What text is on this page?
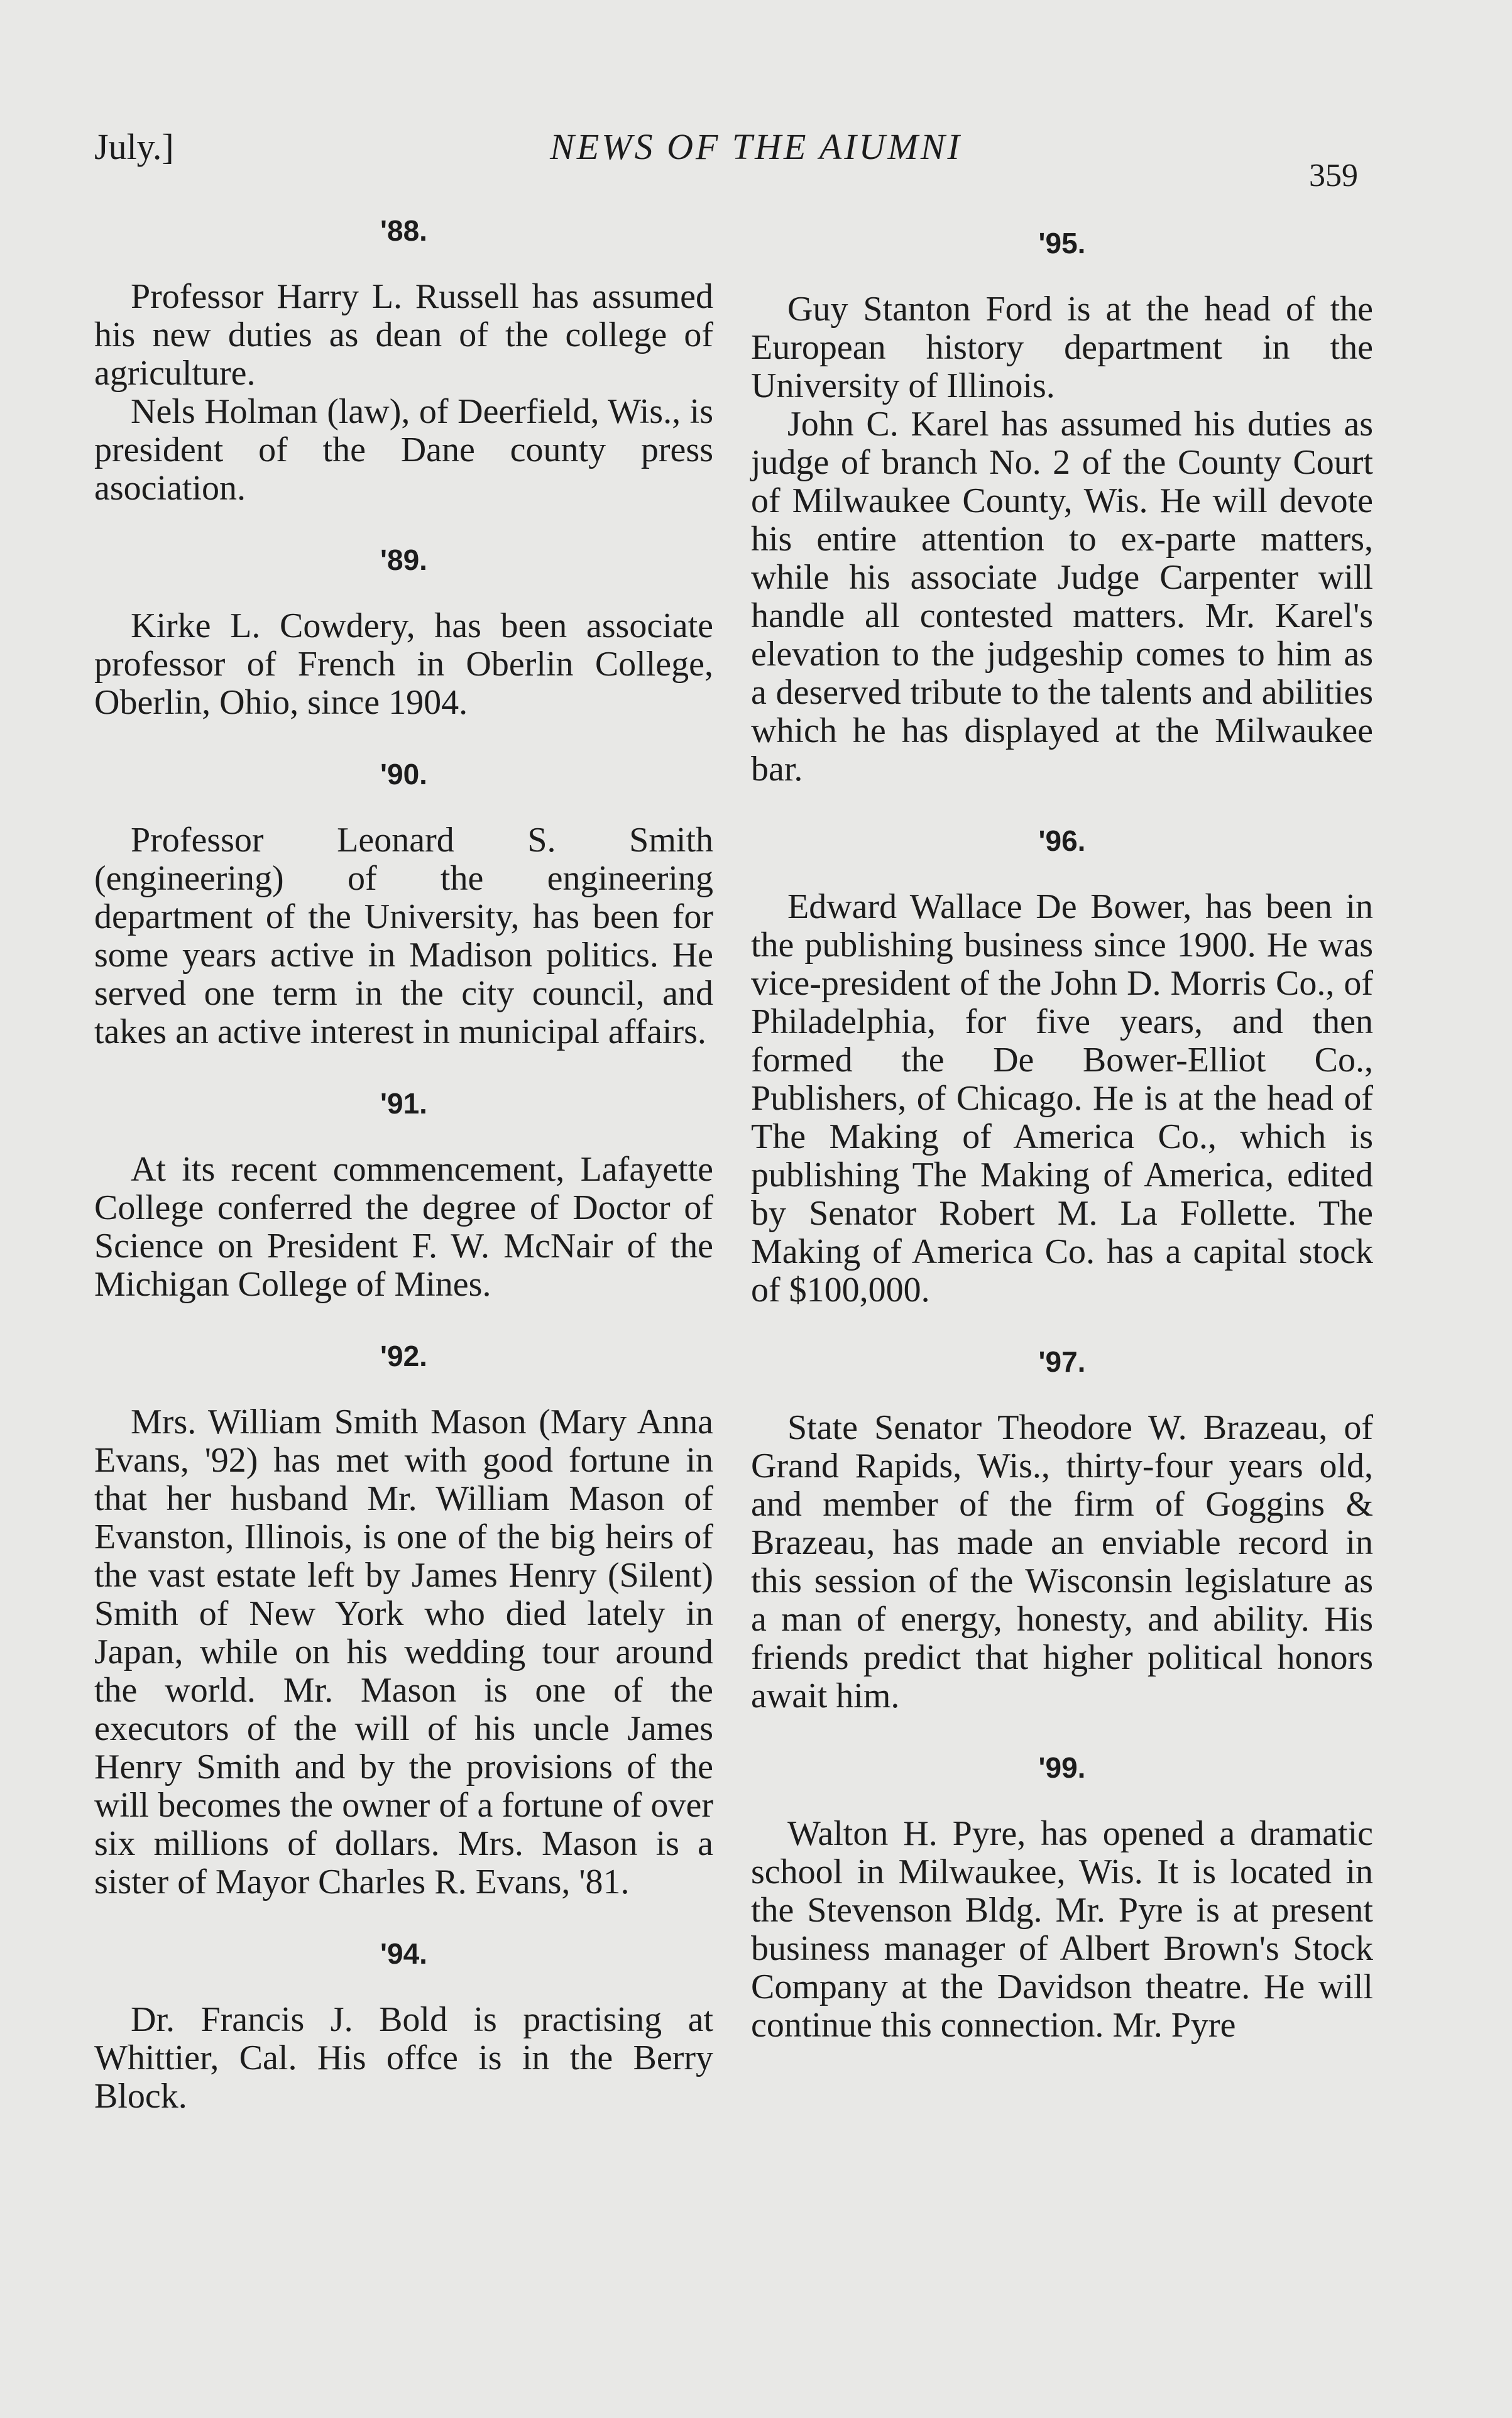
July.]	NEWS OF THE AIUMNI
359
'88.

Professor Harry L. Russell has assumed his new duties as dean of the college of agriculture.

Nels Holman (law), of Deerfield, Wis., is president of the Dane county press asociation.

'89.

Kirke L. Cowdery, has been associate professor of French in Oberlin College, Oberlin, Ohio, since 1904.

'90.

Professor Leonard S. Smith (engineering) of the engineering department of the University, has been for some years active in Madison politics. He served one term in the city council, and takes an active interest in municipal affairs.

'91.

At its recent commencement, Lafayette College conferred the degree of Doctor of Science on President F. W. McNair of the Michigan College of Mines.

'92.

Mrs. William Smith Mason (Mary Anna Evans, '92) has met with good fortune in that her husband Mr. William Mason of Evanston, Illinois, is one of the big heirs of the vast estate left by James Henry (Silent) Smith of New York who died lately in Japan, while on his wedding tour around the world. Mr. Mason is one of the executors of the will of his uncle James Henry Smith and by the provisions of the will becomes the owner of a fortune of over six millions of dollars. Mrs. Mason is a sister of Mayor Charles R. Evans, '81.

'94.

Dr. Francis J. Bold is practising at Whittier, Cal. His offce is in the Berry Block.

'95.

Guy Stanton Ford is at the head of the European history department in the University of Illinois.

John C. Karel has assumed his duties as judge of branch No. 2 of the County Court of Milwaukee County, Wis. He will devote his entire attention to ex-parte matters, while his associate Judge Carpenter will handle all contested matters. Mr. Karel's elevation to the judgeship comes to him as a deserved tribute to the talents and abilities which he has displayed at the Milwaukee bar.

'96.

Edward Wallace De Bower, has been in the publishing business since 1900. He was vice-president of the John D. Morris Co., of Philadelphia, for five years, and then formed the De Bower-Elliot Co., Publishers, of Chicago. He is at the head of The Making of America Co., which is publishing The Making of America, edited by Senator Robert M. La Follette. The Making of America Co. has a capital stock of $100,000.

'97.

State Senator Theodore W. Brazeau, of Grand Rapids, Wis., thirty-four years old, and member of the firm of Goggins & Brazeau, has made an enviable record in this session of the Wisconsin legislature as a man of energy, honesty, and ability. His friends predict that higher political honors await him.

'99.

Walton H. Pyre, has opened a dramatic school in Milwaukee, Wis. It is located in the Stevenson Bldg. Mr. Pyre is at present business manager of Albert Brown's Stock Company at the Davidson theatre. He will continue this connection. Mr. Pyre
